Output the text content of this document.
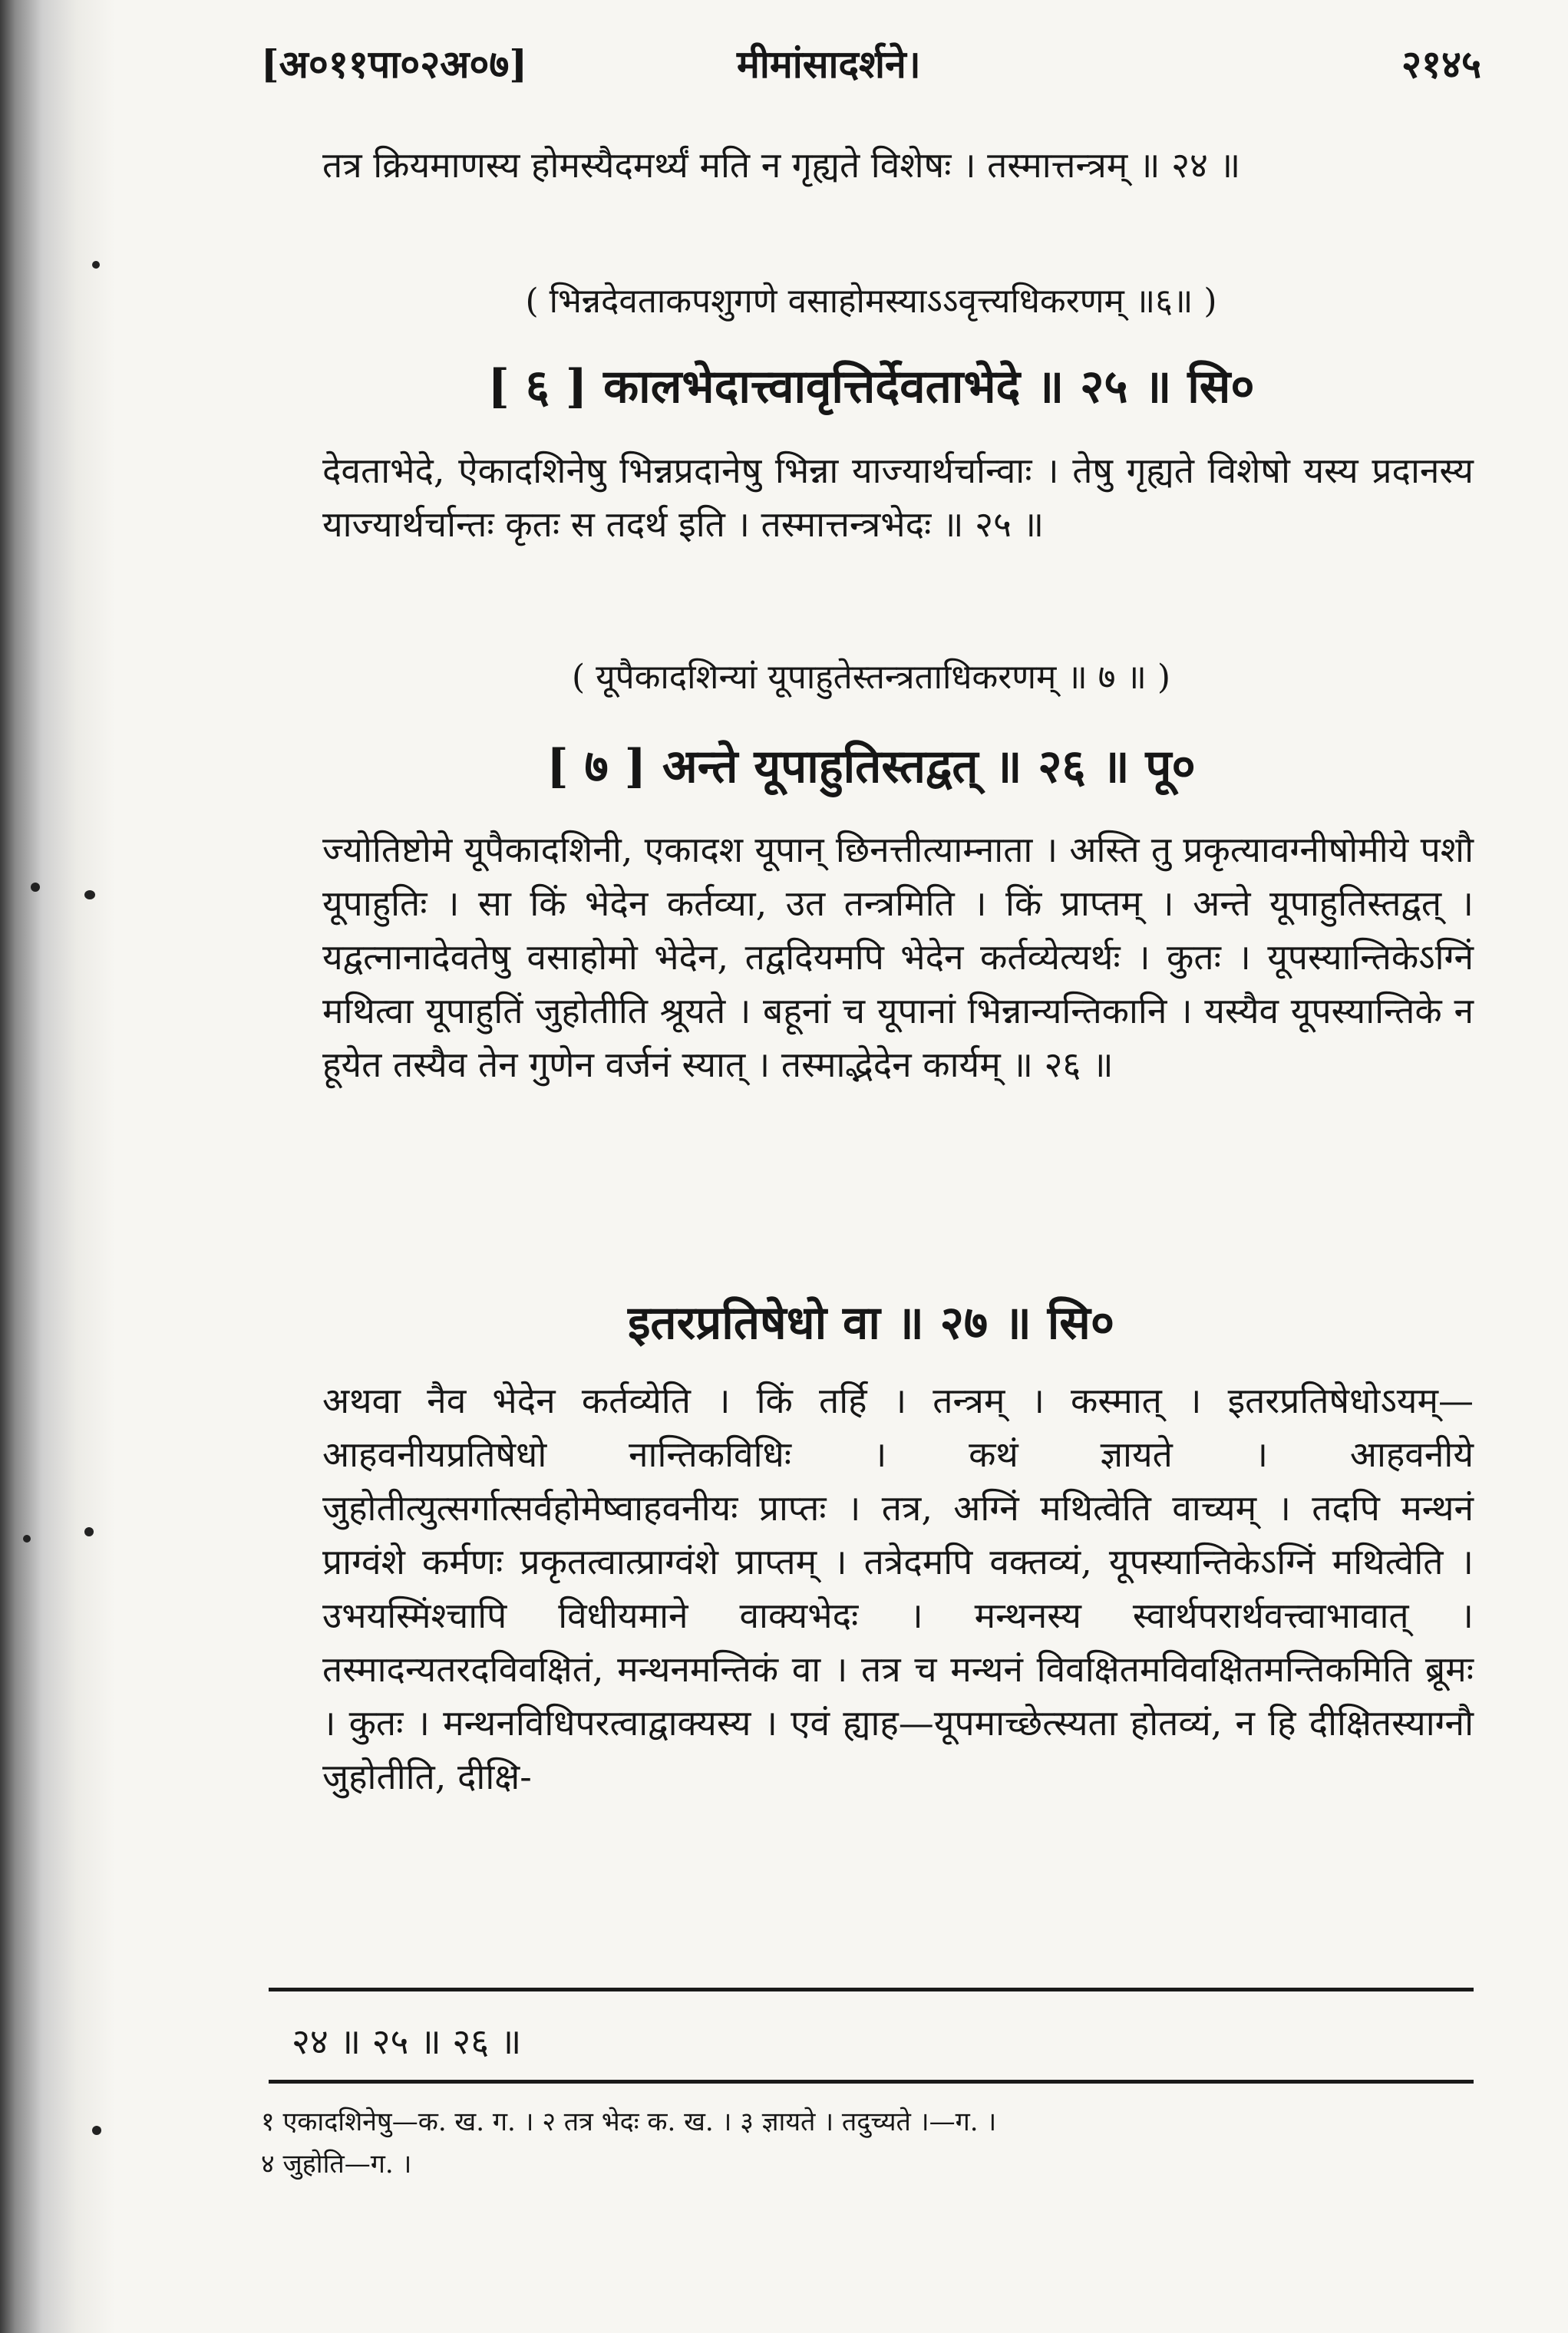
[अ०११पा०२अ०७]	मीमांसादर्शने।	२१४५
तत्र क्रियमाणस्य होमस्यैदमर्थ्यं मति न गृह्यते विशेषः । तस्मात्तन्त्रम् ॥ २४ ॥
( भिन्नदेवताकपशुगणे वसाहोमस्याऽऽवृत्त्यधिकरणम् ॥६॥ )
[ ६ ] कालभेदात्त्वावृत्तिर्देवताभेदे ॥ २५ ॥ सि०
देवताभेदे, ऐकादशिनेषु भिन्नप्रदानेषु भिन्ना याज्यार्थर्चान्वाः । तेषु गृह्यते विशेषो यस्य प्रदानस्य याज्यार्थर्चान्तः कृतः स तदर्थ इति । तस्मात्तन्त्रभेदः ॥ २५ ॥
( यूपैकादशिन्यां यूपाहुतेस्तन्त्रताधिकरणम् ॥ ७ ॥ )
[ ७ ] अन्ते यूपाहुतिस्तद्वत् ॥ २६ ॥ पू०
ज्योतिष्टोमे यूपैकादशिनी, एकादश यूपान् छिनत्तीत्याम्नाता । अस्ति तु प्रकृत्यावग्नीषोमीये पशौ यूपाहुतिः । सा किं भेदेन कर्तव्या, उत तन्त्रमिति । किं प्राप्तम् । अन्ते यूपाहुतिस्तद्वत् । यद्वत्नानादेवतेषु वसाहोमो भेदेन, तद्वदियमपि भेदेन कर्तव्येत्यर्थः । कुतः । यूपस्यान्तिकेऽग्निं मथित्वा यूपाहुतिं जुहोतीति श्रूयते । बहूनां च यूपानां भिन्नान्यन्तिकानि । यस्यैव यूपस्यान्तिके न हूयेत तस्यैव तेन गुणेन वर्जनं स्यात् । तस्माद्भेदेन कार्यम् ॥ २६ ॥
इतरप्रतिषेधो वा ॥ २७ ॥ सि०
अथवा नैव भेदेन कर्तव्येति । किं तर्हि । तन्त्रम् । कस्मात् । इतरप्रतिषेधोऽयम्—आहवनीयप्रतिषेधो नान्तिकविधिः । कथं ज्ञायते । आहवनीये जुहोतीत्युत्सर्गात्सर्वहोमेष्वाहवनीयः प्राप्तः । तत्र, अग्निं मथित्वेति वाच्यम् । तदपि मन्थनं प्राग्वंशे कर्मणः प्रकृतत्वात्प्राग्वंशे प्राप्तम् । तत्रेदमपि वक्तव्यं, यूपस्यान्तिकेऽग्निं मथित्वेति । उभयस्मिंश्चापि विधीयमाने वाक्यभेदः । मन्थनस्य स्वार्थपरार्थवत्त्वाभावात् । तस्मादन्यतरदविवक्षितं, मन्थनमन्तिकं वा । तत्र च मन्थनं विवक्षितमविवक्षितमन्तिकमिति ब्रूमः । कुतः । मन्थनविधिपरत्वाद्वाक्यस्य । एवं ह्याह—यूपमाच्छेत्स्यता होतव्यं, न हि दीक्षितस्याग्नौ जुहोतीति, दीक्षि-
२४ ॥ २५ ॥ २६ ॥
१ एकादशिनेषु—क. ख. ग. । २ तत्र भेदः क. ख. । ३ ज्ञायते । तदुच्यते ।—ग. ।
४ जुहोति—ग. ।
